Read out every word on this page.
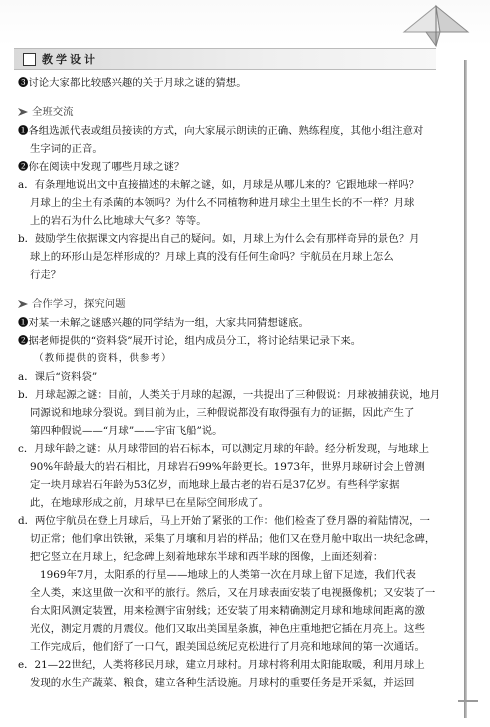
教学设计
❸讨论大家都比较感兴趣的关于月球之谜的猜想。
全班交流
❶各组选派代表或组员接读的方式，向大家展示朗读的正确、熟练程度，其他小组注意对
生字词的正音。
❷你在阅读中发现了哪些月球之谜？
a．有条理地说出文中直接描述的未解之谜，如，月球是从哪儿来的？它跟地球一样吗？
月球上的尘土有杀菌的本领吗？为什么不同植物种进月球尘土里生长的不一样？月球
上的岩石为什么比地球大气多？等等。
b．鼓励学生依据课文内容提出自己的疑问。如，月球上为什么会有那样奇异的景色？月
球上的环形山是怎样形成的？月球上真的没有任何生命吗？宇航员在月球上怎么
行走？
合作学习，探究问题
❶对某一未解之谜感兴趣的同学结为一组，大家共同猜想谜底。
❷据老师提供的“资料袋”展开讨论，组内成员分工，将讨论结果记录下来。
（教师提供的资料，供参考）
a．课后“资料袋”
b．月球起源之谜：目前，人类关于月球的起源，一共提出了三种假说：月球被捕获说，地月
同源说和地球分裂说。到目前为止，三种假说都没有取得强有力的证据，因此产生了
第四种假说——“月球”——宇宙飞船”说。
c．月球年龄之谜：从月球带回的岩石标本，可以测定月球的年龄。经分析发现，与地球上
90%年龄最大的岩石相比，月球岩石99%年龄更长。1973年，世界月球研讨会上曾测
定一块月球岩石年龄为53亿岁，而地球上最古老的岩石是37亿岁。有些科学家据
此，在地球形成之前，月球早已在星际空间形成了。
d．两位宇航员在登上月球后，马上开始了紧张的工作：他们检查了登月器的着陆情况，一
切正常；他们拿出铁锹，采集了月壤和月岩的样品；他们又在登月舱中取出一块纪念碑，
把它竖立在月球上，纪念碑上刻着地球东半球和西半球的图像，上面还刻着：
1969年7月，太阳系的行星——地球上的人类第一次在月球上留下足迹，我们代表
全人类，来这里做一次和平的旅行。然后，又在月球表面安装了电视摄像机；又安装了一
台太阳风测定装置，用来检测宇宙射线；还安装了用来精确测定月球和地球间距离的激
光仪，测定月震的月震仪。他们又取出美国星条旗，神色庄重地把它插在月亮上。这些
工作完成后，他们舒了一口气，跟美国总统尼克松进行了月亮和地球间的第一次通话。
e．21—22世纪，人类将移民月球，建立月球村。月球村将利用太阳能取暖，利用月球上
发现的水生产蔬菜、粮食，建立各种生活设施。月球村的重要任务是开采氦，并运回
